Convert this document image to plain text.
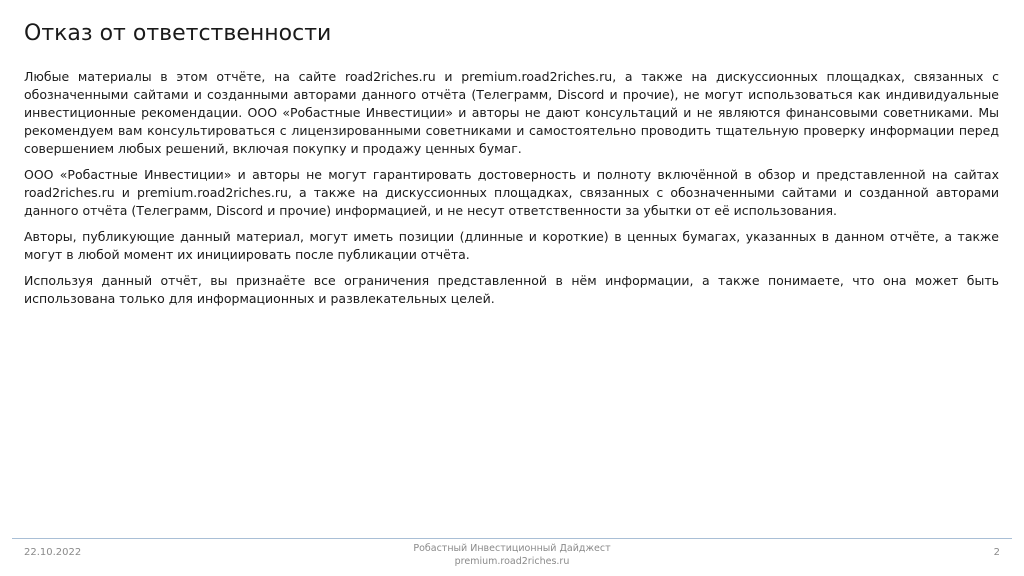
Отказ от ответственности

Любые материалы в этом отчёте, на сайте road2riches.ru и premium.road2riches.ru, а также на дискуссионных площадках, связанных с обозначенными сайтами и созданными авторами данного отчёта (Телеграмм, Discord и прочие), не могут использоваться как индивидуальные инвестиционные рекомендации. ООО «Робастные Инвестиции» и авторы не дают консультаций и не являются финансовыми советниками. Мы рекомендуем вам консультироваться с лицензированными советниками и самостоятельно проводить тщательную проверку информации перед совершением любых решений, включая покупку и продажу ценных бумаг.

ООО «Робастные Инвестиции» и авторы не могут гарантировать достоверность и полноту включённой в обзор и представленной на сайтах road2riches.ru и premium.road2riches.ru, а также на дискуссионных площадках, связанных с обозначенными сайтами и созданной авторами данного отчёта (Телеграмм, Discord и прочие) информацией, и не несут ответственности за убытки от её использования.

Авторы, публикующие данный материал, могут иметь позиции (длинные и короткие) в ценных бумагах, указанных в данном отчёте, а также могут в любой момент их инициировать после публикации отчёта.

Используя данный отчёт, вы признаёте все ограничения представленной в нём информации, а также понимаете, что она может быть использована только для информационных и развлекательных целей.

22.10.2022	Робастный Инвестиционный Дайджест
premium.road2riches.ru
2
